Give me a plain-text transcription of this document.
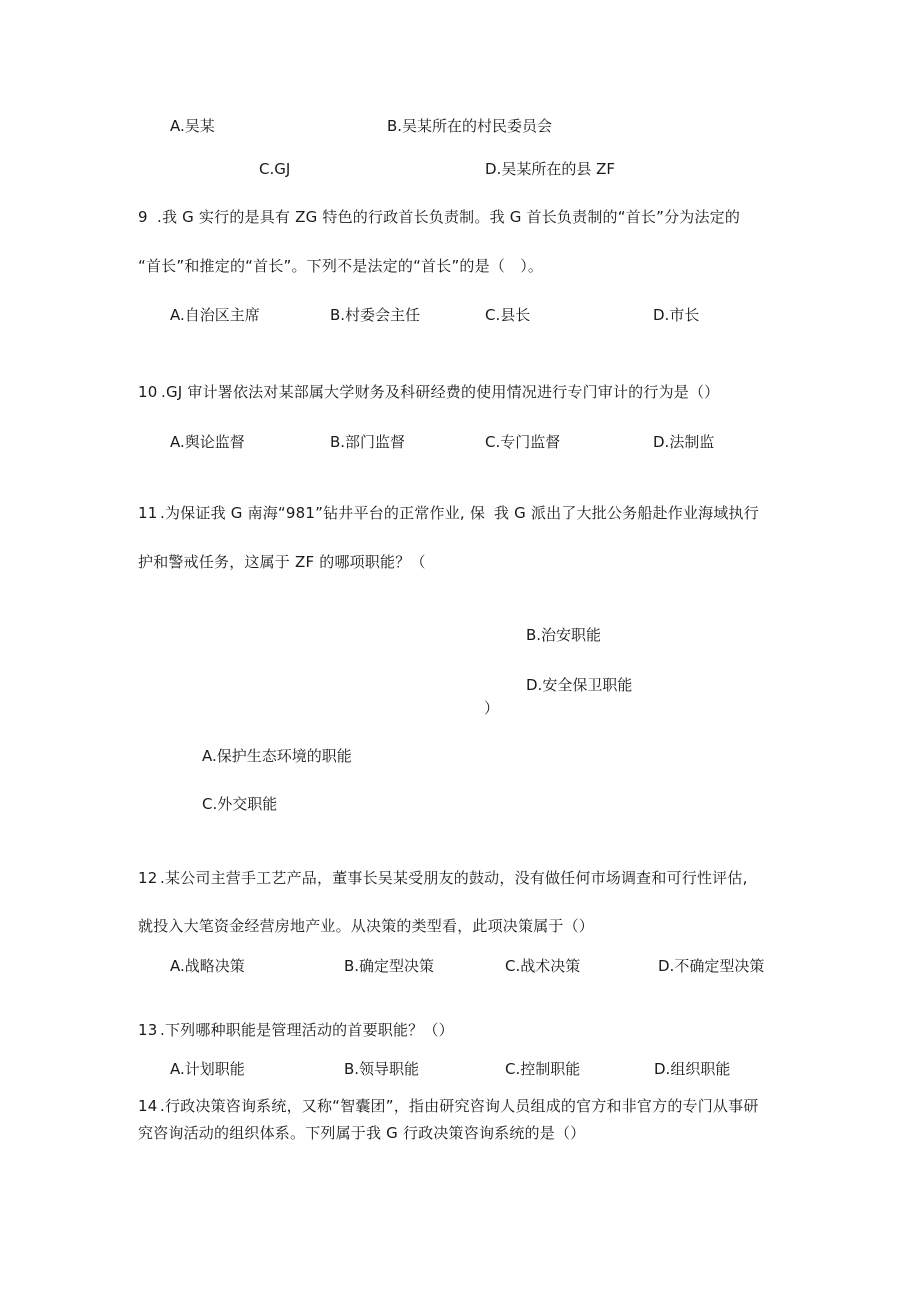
A.吴某	B.吴某所在的村民委员会
C.GJ	D.吴某所在的县 ZF
9 .我 G 实行的是具有 ZG 特色的行政首长负责制。我 G 首长负责制的“首长”分为法定的
“首长”和推定的“首长”。下列不是法定的“首长”的是（　）。
A.自治区主席	B.村委会主任	C.县长	D.市长
10 .GJ 审计署依法对某部属大学财务及科研经费的使用情况进行专门审计的行为是（）
A.舆论监督	B.部门监督	C.专门监督	D.法制监
11 .为保证我 G 南海“981”钻井平台的正常作业, 保 我 G 派出了大批公务船赴作业海域执行
护和警戒任务，这属于 ZF 的哪项职能？（
B.治安职能
D.安全保卫职能
）
A.保护生态环境的职能
C.外交职能
12 .某公司主营手工艺产品，董事长吴某受朋友的鼓动，没有做任何市场调查和可行性评估,
就投入大笔资金经营房地产业。从决策的类型看，此项决策属于（）
A.战略决策	B.确定型决策	C.战术决策	D.不确定型决策
13 .下列哪种职能是管理活动的首要职能？（）
A.计划职能	B.领导职能	C.控制职能	D.组织职能
14 .行政决策咨询系统，又称“智囊团”，指由研究咨询人员组成的官方和非官方的专门从事研
究咨询活动的组织体系。下列属于我 G 行政决策咨询系统的是（）
